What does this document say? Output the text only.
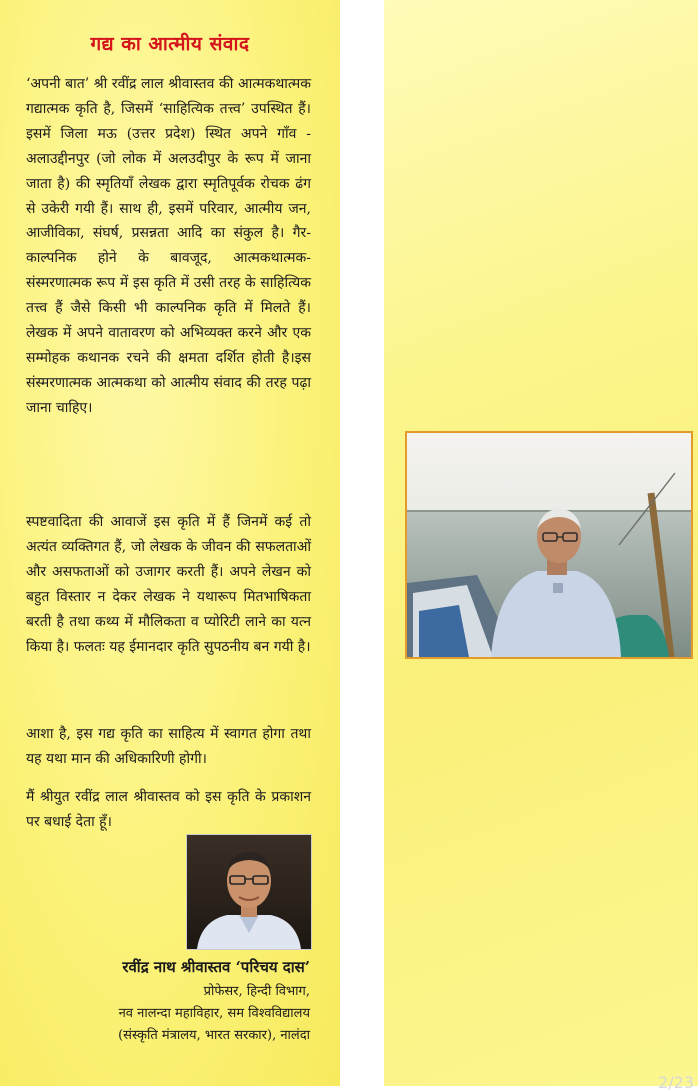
गद्य का आत्मीय संवाद
‘अपनी बात’ श्री रवींद्र लाल श्रीवास्तव की आत्मकथात्मक गद्यात्मक कृति है, जिसमें ‘साहित्यिक तत्त्व’ उपस्थित हैं। इसमें जिला मऊ (उत्तर प्रदेश) स्थित अपने गाँव - अलाउद्दीनपुर (जो लोक में अलउदीपुर के रूप में जाना जाता है) की स्मृतियाँ लेखक द्वारा स्मृतिपूर्वक रोचक ढंग से उकेरी गयी हैं। साथ ही, इसमें परिवार, आत्मीय जन, आजीविका, संघर्ष, प्रसन्नता आदि का संकुल है। गैर-काल्पनिक होने के बावजूद, आत्मकथात्मक- संस्मरणात्मक रूप में इस कृति में उसी तरह के साहित्यिक तत्त्व हैं जैसे किसी भी काल्पनिक कृति में मिलते हैं। लेखक में अपने वातावरण को अभिव्यक्त करने और एक सम्मोहक कथानक रचने की क्षमता दर्शित होती है।इस संस्मरणात्मक आत्मकथा को आत्मीय संवाद की तरह पढ़ा जाना चाहिए।
स्पष्टवादिता की आवाजें इस कृति में हैं जिनमें कई तो अत्यंत व्यक्तिगत हैं, जो लेखक के जीवन की सफलताओं और असफताओं को उजागर करती हैं। अपने लेखन को बहुत विस्तार न देकर लेखक ने यथारूप मितभाषिकता बरती है तथा कथ्य में मौलिकता व प्योरिटी लाने का यत्न किया है। फलतः यह ईमानदार कृति सुपठनीय बन गयी है।
आशा है, इस गद्य कृति का साहित्य में स्वागत होगा तथा यह यथा मान की अधिकारिणी होगी।
मैं श्रीयुत रवींद्र लाल श्रीवास्तव को इस कृति के प्रकाशन पर बधाई देता हूँ।
रवींद्र नाथ श्रीवास्तव ‘परिचय दास’
प्रोफेसर, हिन्दी विभाग,
नव नालन्दा महाविहार, सम विश्वविद्यालय
(संस्कृति मंत्रालय, भारत सरकार), नालंदा
2/23
